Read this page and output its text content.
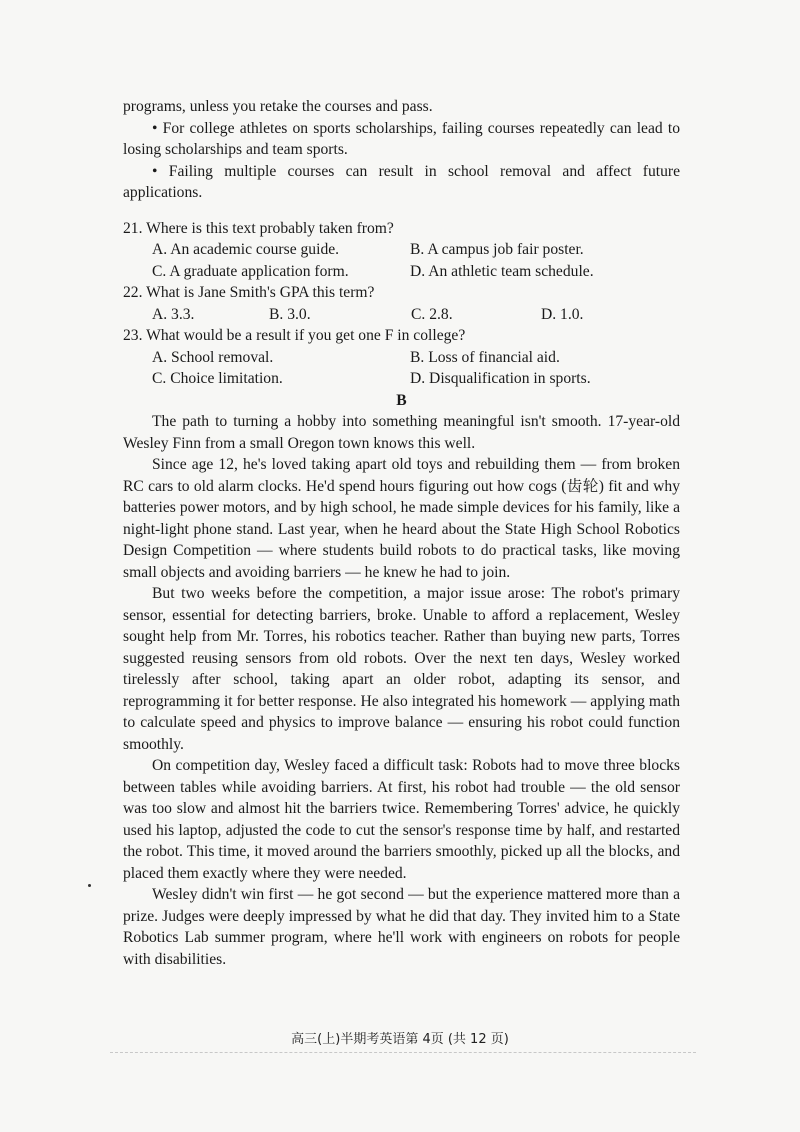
programs, unless you retake the courses and pass.

• For college athletes on sports scholarships, failing courses repeatedly can lead to losing scholarships and team sports.

• Failing multiple courses can result in school removal and affect future applications.

21. Where is this text probably taken from?

A. An academic course guide.	B. A campus job fair poster.
C. A graduate application form.	D. An athletic team schedule.

22. What is Jane Smith's GPA this term?

A. 3.3.	B. 3.0.	C. 2.8.	D. 1.0.

23. What would be a result if you get one F in college?

A. School removal.	B. Loss of financial aid.
C. Choice limitation.	D. Disqualification in sports.

B

The path to turning a hobby into something meaningful isn't smooth. 17-year-old Wesley Finn from a small Oregon town knows this well.

Since age 12, he's loved taking apart old toys and rebuilding them — from broken RC cars to old alarm clocks. He'd spend hours figuring out how cogs (齿轮) fit and why batteries power motors, and by high school, he made simple devices for his family, like a night-light phone stand. Last year, when he heard about the State High School Robotics Design Competition — where students build robots to do practical tasks, like moving small objects and avoiding barriers — he knew he had to join.

But two weeks before the competition, a major issue arose: The robot's primary sensor, essential for detecting barriers, broke. Unable to afford a replacement, Wesley sought help from Mr. Torres, his robotics teacher. Rather than buying new parts, Torres suggested reusing sensors from old robots. Over the next ten days, Wesley worked tirelessly after school, taking apart an older robot, adapting its sensor, and reprogramming it for better response. He also integrated his homework — applying math to calculate speed and physics to improve balance — ensuring his robot could function smoothly.

On competition day, Wesley faced a difficult task: Robots had to move three blocks between tables while avoiding barriers. At first, his robot had trouble — the old sensor was too slow and almost hit the barriers twice. Remembering Torres' advice, he quickly used his laptop, adjusted the code to cut the sensor's response time by half, and restarted the robot. This time, it moved around the barriers smoothly, picked up all the blocks, and placed them exactly where they were needed.

Wesley didn't win first — he got second — but the experience mattered more than a prize. Judges were deeply impressed by what he did that day. They invited him to a State Robotics Lab summer program, where he'll work with engineers on robots for people with disabilities.

高三(上)半期考英语第 4页 (共 12 页)
